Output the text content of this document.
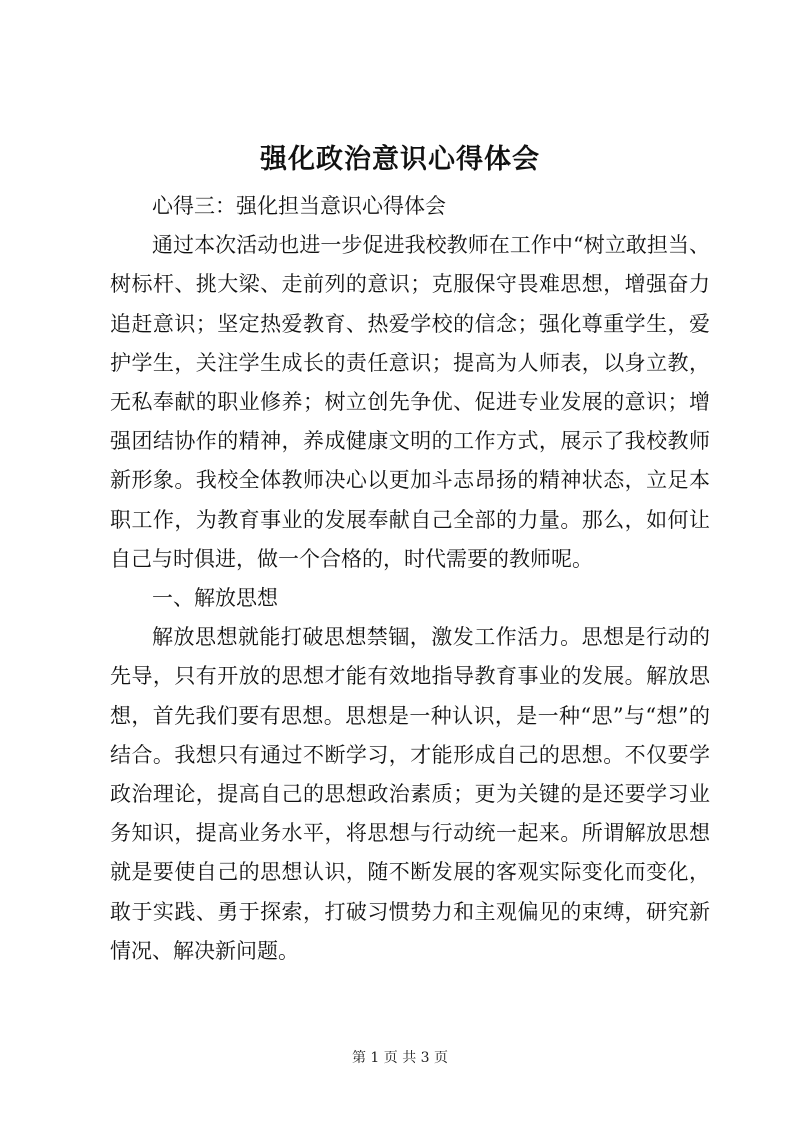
强化政治意识心得体会

心得三：强化担当意识心得体会

通过本次活动也进一步促进我校教师在工作中“树立敢担当、树标杆、挑大梁、走前列的意识；克服保守畏难思想，增强奋力追赶意识；坚定热爱教育、热爱学校的信念；强化尊重学生，爱护学生，关注学生成长的责任意识；提高为人师表，以身立教，无私奉献的职业修养；树立创先争优、促进专业发展的意识；增强团结协作的精神，养成健康文明的工作方式，展示了我校教师新形象。我校全体教师决心以更加斗志昂扬的精神状态，立足本职工作，为教育事业的发展奉献自己全部的力量。那么，如何让自己与时俱进，做一个合格的，时代需要的教师呢。

一、解放思想

解放思想就能打破思想禁锢，激发工作活力。思想是行动的先导，只有开放的思想才能有效地指导教育事业的发展。解放思想，首先我们要有思想。思想是一种认识，是一种“思”与“想”的结合。我想只有通过不断学习，才能形成自己的思想。不仅要学政治理论，提高自己的思想政治素质；更为关键的是还要学习业务知识，提高业务水平，将思想与行动统一起来。所谓解放思想就是要使自己的思想认识，随不断发展的客观实际变化而变化，敢于实践、勇于探索，打破习惯势力和主观偏见的束缚，研究新情况、解决新问题。

第 1 页 共 3 页
